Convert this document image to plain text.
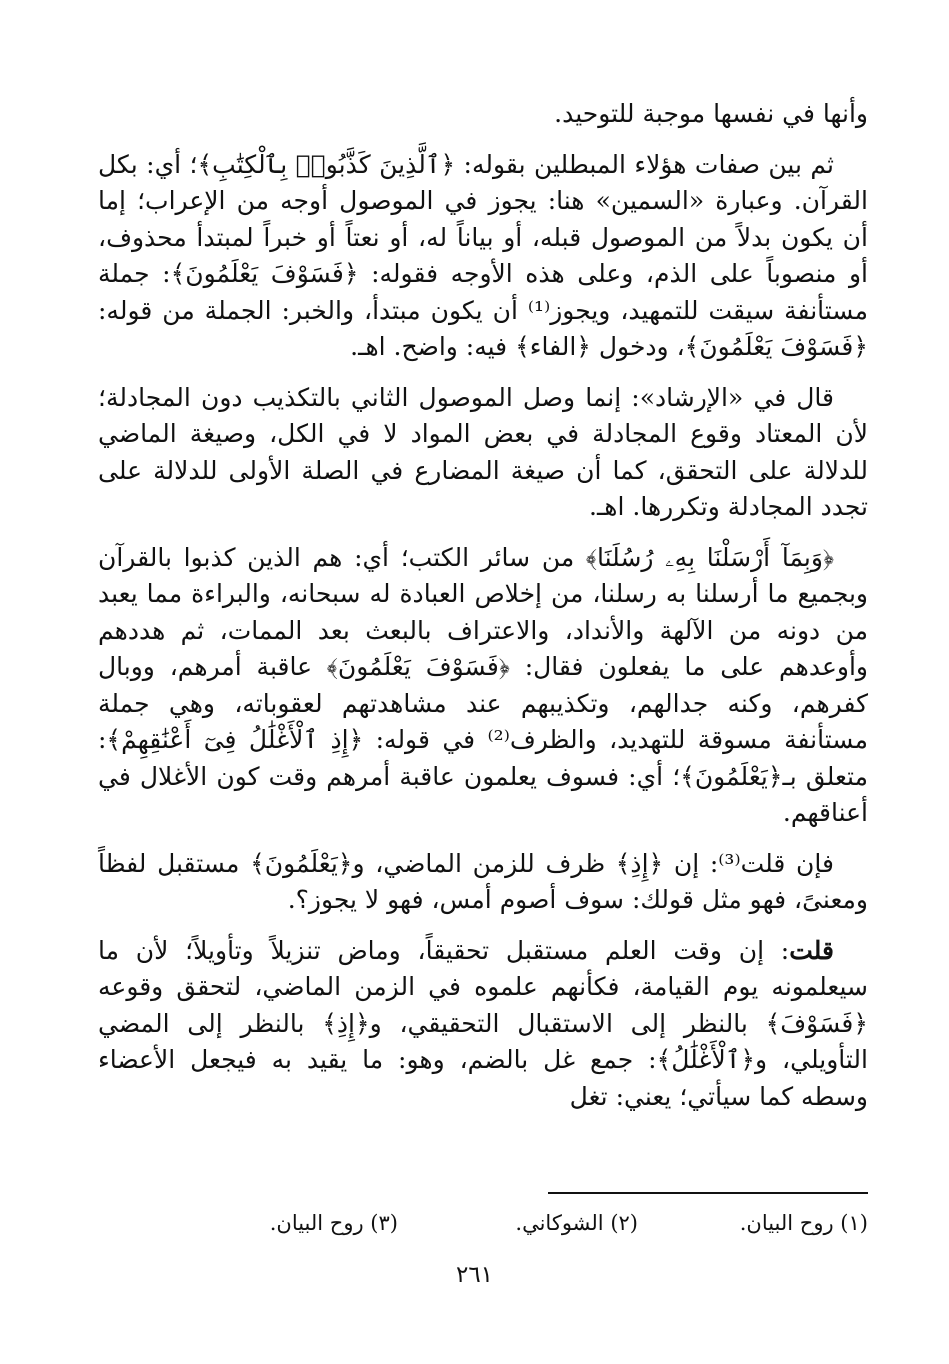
وأنها في نفسها موجبة للتوحيد.

ثم بين صفات هؤلاء المبطلين بقوله: ﴿ٱلَّذِينَ كَذَّبُوا۟ بِٱلْكِتَٰبِ﴾؛ أي: بكل القرآن. وعبارة «السمين» هنا: يجوز في الموصول أوجه من الإعراب؛ إما أن يكون بدلاً من الموصول قبله، أو بياناً له، أو نعتاً أو خبراً لمبتدأ محذوف، أو منصوباً على الذم، وعلى هذه الأوجه فقوله: ﴿فَسَوْفَ يَعْلَمُونَ﴾: جملة مستأنفة سيقت للتمهيد، ويجوز⁽¹⁾ أن يكون مبتدأ، والخبر: الجملة من قوله: ﴿فَسَوْفَ يَعْلَمُونَ﴾، ودخول ﴿الفاء﴾ فيه: واضح. اهـ.

قال في «الإرشاد»: إنما وصل الموصول الثاني بالتكذيب دون المجادلة؛ لأن المعتاد وقوع المجادلة في بعض المواد لا في الكل، وصيغة الماضي للدلالة على التحقق، كما أن صيغة المضارع في الصلة الأولى للدلالة على تجدد المجادلة وتكررها. اهـ.

﴿وَبِمَآ أَرْسَلْنَا بِهِۦ رُسُلَنَا﴾ من سائر الكتب؛ أي: هم الذين كذبوا بالقرآن وبجميع ما أرسلنا به رسلنا، من إخلاص العبادة له سبحانه، والبراءة مما يعبد من دونه من الآلهة والأنداد، والاعتراف بالبعث بعد الممات، ثم هددهم وأوعدهم على ما يفعلون فقال: ﴿فَسَوْفَ يَعْلَمُونَ﴾ عاقبة أمرهم، ووبال كفرهم، وكنه جدالهم، وتكذيبهم عند مشاهدتهم لعقوباته، وهي جملة مستأنفة مسوقة للتهديد، والظرف⁽²⁾ في قوله: ﴿إِذِ ٱلْأَغْلَٰلُ فِىٓ أَعْنَٰقِهِمْ﴾: متعلق بـ﴿يَعْلَمُونَ﴾؛ أي: فسوف يعلمون عاقبة أمرهم وقت كون الأغلال في أعناقهم.

فإن قلت⁽³⁾: إن ﴿إِذِ﴾ ظرف للزمن الماضي، و﴿يَعْلَمُونَ﴾ مستقبل لفظاً ومعنىً، فهو مثل قولك: سوف أصوم أمس، فهو لا يجوز؟.

قلت: إن وقت العلم مستقبل تحقيقاً، وماض تنزيلاً وتأويلاً؛ لأن ما سيعلمونه يوم القيامة، فكأنهم علموه في الزمن الماضي، لتحقق وقوعه ﴿فَسَوْفَ﴾ بالنظر إلى الاستقبال التحقيقي، و﴿إِذِ﴾ بالنظر إلى المضي التأويلي، و﴿ٱلْأَغْلَٰلُ﴾: جمع غل بالضم، وهو: ما يقيد به فيجعل الأعضاء وسطه كما سيأتي؛ يعني: تغل

(١) روح البيان.
(٢) الشوكاني.
(٣) روح البيان.
٢٦١
